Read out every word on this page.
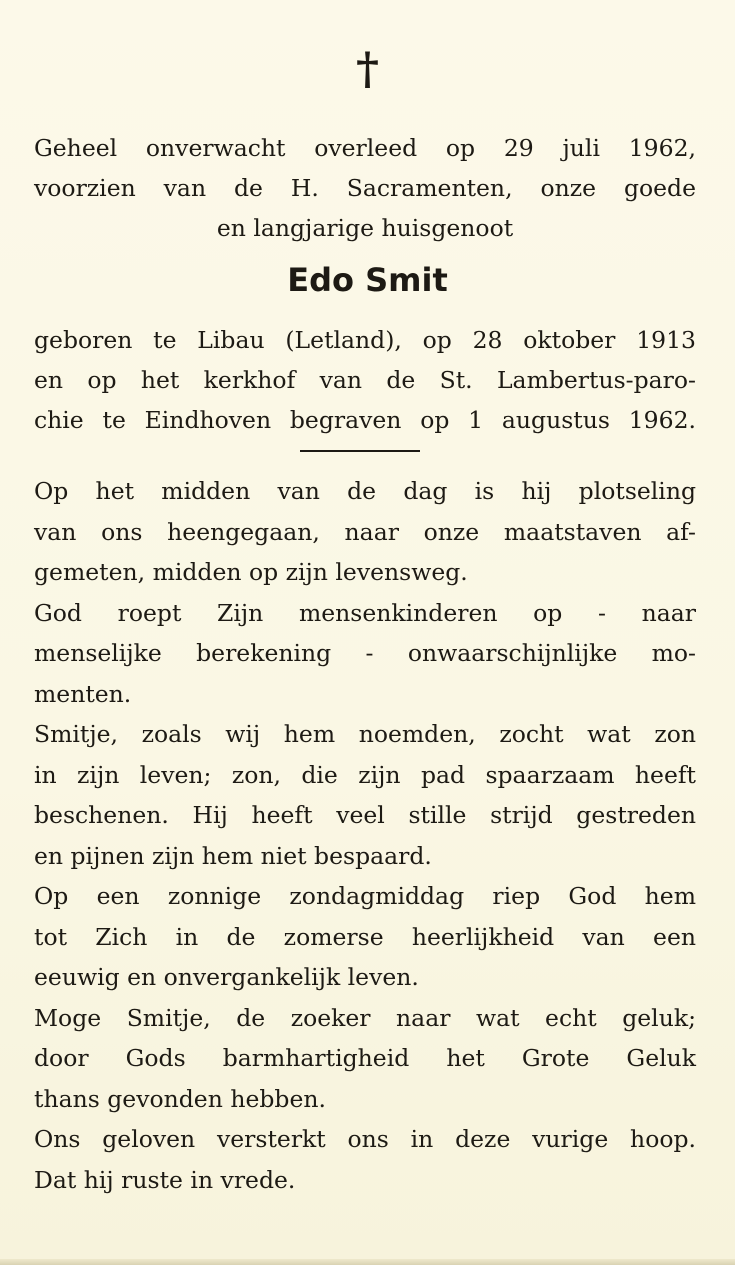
†
Geheel onverwacht overleed op 29 juli 1962,
voorzien van de H. Sacramenten, onze goede
en langjarige huisgenoot
Edo Smit
geboren te Libau (Letland), op 28 oktober 1913
en op het kerkhof van de St. Lambertus-paro-
chie te Eindhoven begraven op 1 augustus 1962.
Op het midden van de dag is hij plotseling
van ons heengegaan, naar onze maatstaven af-
gemeten, midden op zijn levensweg.
God roept Zijn mensenkinderen op - naar
menselijke berekening - onwaarschijnlijke mo-
menten.
Smitje, zoals wij hem noemden, zocht wat zon
in zijn leven; zon, die zijn pad spaarzaam heeft
beschenen. Hij heeft veel stille strijd gestreden
en pijnen zijn hem niet bespaard.
Op een zonnige zondagmiddag riep God hem
tot Zich in de zomerse heerlijkheid van een
eeuwig en onvergankelijk leven.
Moge Smitje, de zoeker naar wat echt geluk;
door Gods barmhartigheid het Grote Geluk
thans gevonden hebben.
Ons geloven versterkt ons in deze vurige hoop.
Dat hij ruste in vrede.
